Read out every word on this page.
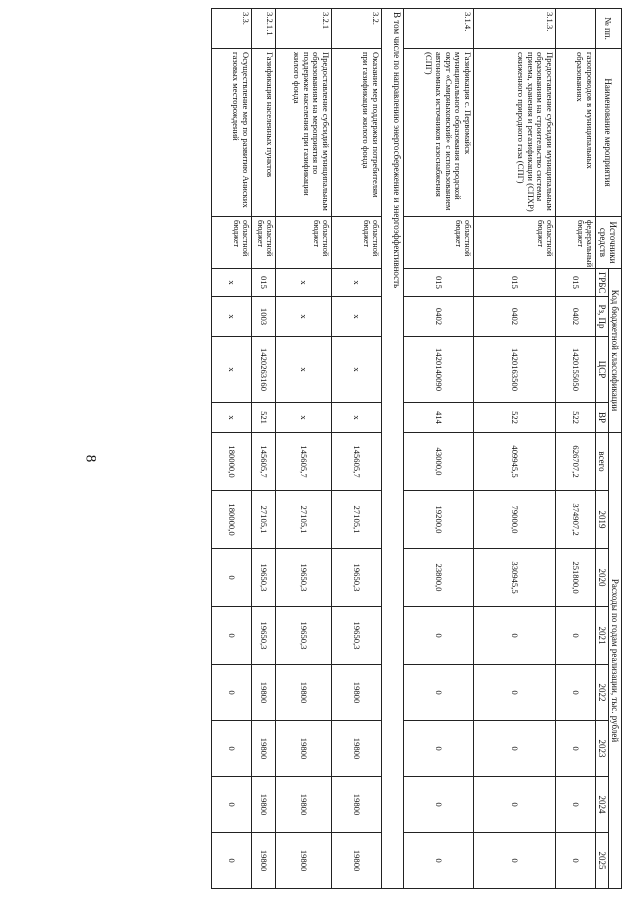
8
№ пп.	Наименование мероприятия	Источники средств	Код бюджетной классификации				Расходы по годам реализации, тыс. рублей							
			ГРБС	Рз, Пр	ЦСР	ВР	всего	2019	2020	2021	2022	2023	2024	2025
	газопроводов в муниципальных образованиях	федеральный бюджет	015	0402	1420155050	522	626707,2	374907,2	251800,0	0	0	0	0	0
3.1.3.	Предоставление субсидии муниципальным образованиям на строительство системы приема, хранения и регазификации (СПХР) сжиженного природного газа (СПГ)	областной бюджет	015	0402	1420163500	522	409945,5	79000,0	330945,5	0	0	0	0	0
3.1.4.	Газификация с. Первомайск муниципального образования городской округ «Смирныховский» с использованием автономных источников газоснабжения (СПГ)	областной бюджет	015	0402	1420140090	414	43000,0	19200,0	23800,0	0	0	0	0	0
В том числе по направлению энергосбережение и энергоэффективность														
3.2.	Оказание мер поддержки потребителям при газификации жилого фонда	областной бюджет	х	х	х	х	145605,7	27105,1	19650,3	19650,3	19800	19800	19800	19800
3.2.1	Предоставление субсидий муниципальным образованиям на мероприятия по поддержке населения при газификации жилого фонда	областной бюджет	х	х	х	х	145605,7	27105,1	19650,3	19650,3	19800	19800	19800	19800
3.2.1.1	Газификация населенных пунктов	областной бюджет	015	1003	1420263160	521	145605,7	27105,1	19650,3	19650,3	19800	19800	19800	19800
3.3.	Осуществление мер по развитию Аниских газовых месторождений	областной бюджет	х	х	х	х	180000,0	180000,0	0	0	0	0	0	0
